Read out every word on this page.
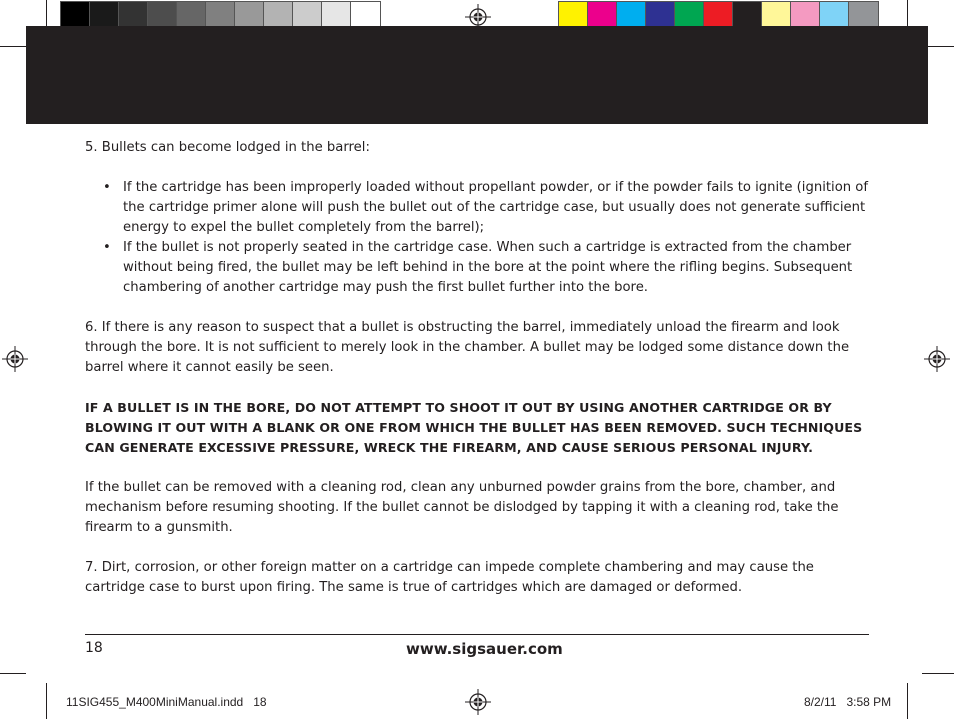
5. Bullets can become lodged in the barrel:

• If the cartridge has been improperly loaded without propellant powder, or if the powder fails to ignite (ignition of the cartridge primer alone will push the bullet out of the cartridge case, but usually does not generate sufficient energy to expel the bullet completely from the barrel);
• If the bullet is not properly seated in the cartridge case. When such a cartridge is extracted from the chamber without being fired, the bullet may be left behind in the bore at the point where the rifling begins. Subsequent chambering of another cartridge may push the first bullet further into the bore.

6. If there is any reason to suspect that a bullet is obstructing the barrel, immediately unload the firearm and look through the bore. It is not sufficient to merely look in the chamber. A bullet may be lodged some distance down the barrel where it cannot easily be seen.

IF A BULLET IS IN THE BORE, DO NOT ATTEMPT TO SHOOT IT OUT BY USING ANOTHER CARTRIDGE OR BY BLOWING IT OUT WITH A BLANK OR ONE FROM WHICH THE BULLET HAS BEEN REMOVED. SUCH TECHNIQUES CAN GENERATE EXCESSIVE PRESSURE, WRECK THE FIREARM, AND CAUSE SERIOUS PERSONAL INJURY.

If the bullet can be removed with a cleaning rod, clean any unburned powder grains from the bore, chamber, and mechanism before resuming shooting. If the bullet cannot be dislodged by tapping it with a cleaning rod, take the firearm to a gunsmith.

7. Dirt, corrosion, or other foreign matter on a cartridge can impede complete chambering and may cause the cartridge case to burst upon firing. The same is true of cartridges which are damaged or deformed.

18	www.sigsauer.com
11SIG455_M400MiniManual.indd   18	8/2/11   3:58 PM
